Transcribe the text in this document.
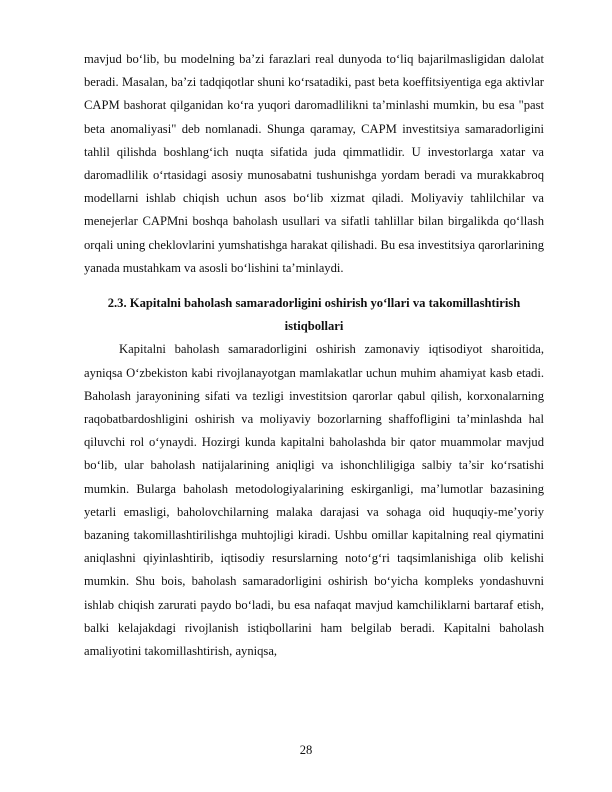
mavjud boʻlib, bu modelning baʼzi farazlari real dunyoda toʻliq bajarilmasligidan dalolat beradi. Masalan, baʼzi tadqiqotlar shuni koʻrsatadiki, past beta koeffitsiyentiga ega aktivlar CAPM bashorat qilganidan koʻra yuqori daromadlilikni taʼminlashi mumkin, bu esa "past beta anomaliyasi" deb nomlanadi. Shunga qaramay, CAPM investitsiya samaradorligini tahlil qilishda boshlangʻich nuqta sifatida juda qimmatlidir. U investorlarga xatar va daromadlilik oʻrtasidagi asosiy munosabatni tushunishga yordam beradi va murakkabroq modellarni ishlab chiqish uchun asos boʻlib xizmat qiladi. Moliyaviy tahlilchilar va menejerlar CAPMni boshqa baholash usullari va sifatli tahlillar bilan birgalikda qoʻllash orqali uning cheklovlarini yumshatishga harakat qilishadi. Bu esa investitsiya qarorlarining yanada mustahkam va asosli boʻlishini taʼminlaydi.

2.3. Kapitalni baholash samaradorligini oshirish yo‘llari va takomillashtirish istiqbollari

Kapitalni baholash samaradorligini oshirish zamonaviy iqtisodiyot sharoitida, ayniqsa O‘zbekiston kabi rivojlanayotgan mamlakatlar uchun muhim ahamiyat kasb etadi. Baholash jarayonining sifati va tezligi investitsion qarorlar qabul qilish, korxonalarning raqobatbardoshligini oshirish va moliyaviy bozorlarning shaffofligini ta’minlashda hal qiluvchi rol o‘ynaydi. Hozirgi kunda kapitalni baholashda bir qator muammolar mavjud bo‘lib, ular baholash natijalarining aniqligi va ishonchliligiga salbiy ta’sir ko‘rsatishi mumkin. Bularga baholash metodologiyalarining eskirganligi, ma’lumotlar bazasining yetarli emasligi, baholovchilarning malaka darajasi va sohaga oid huquqiy-meʼyoriy bazaning takomillashtirilishga muhtojligi kiradi. Ushbu omillar kapitalning real qiymatini aniqlashni qiyinlashtirib, iqtisodiy resurslarning noto‘g‘ri taqsimlanishiga olib kelishi mumkin. Shu bois, baholash samaradorligini oshirish bo‘yicha kompleks yondashuvni ishlab chiqish zarurati paydo bo‘ladi, bu esa nafaqat mavjud kamchiliklarni bartaraf etish, balki kelajakdagi rivojlanish istiqbollarini ham belgilab beradi. Kapitalni baholash amaliyotini takomillashtirish, ayniqsa,

28
